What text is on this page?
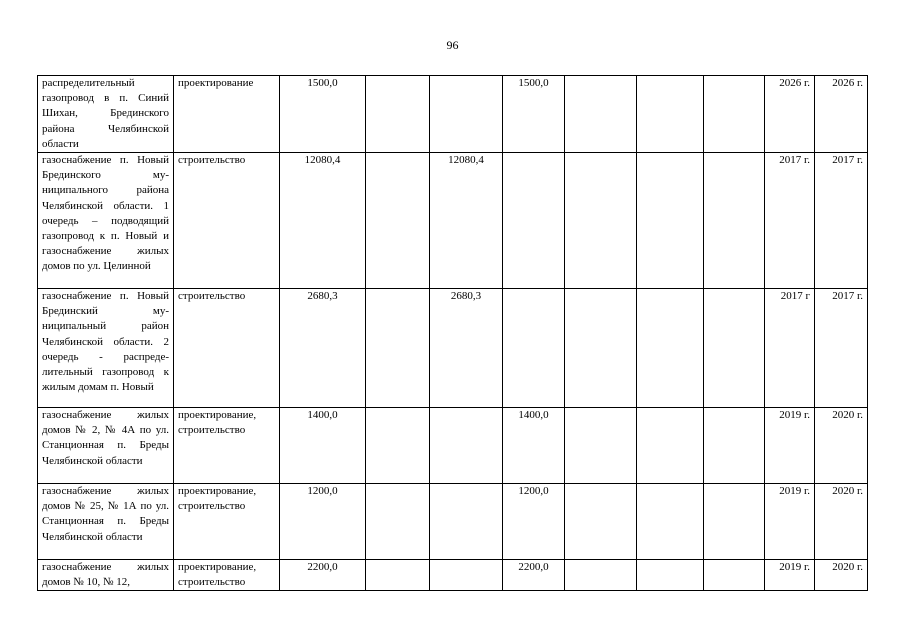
96
распределительный газопровод в п. Синий Шихан, Брединского района Челябинской области	проектирование	1500,0			1500,0				2026 г.	2026 г.
газоснабжение п. Новый Брединского муниципального района Челябинской области. 1 очередь – подводящий газопровод к п. Новый и газоснабжение жилых домов по ул. Целинной	строительство	12080,4		12080,4					2017 г.	2017 г.
газоснабжение п. Новый Брединский муниципальный район Челябинской области. 2 очередь - распределительный газопровод к жилым домам п. Новый	строительство	2680,3		2680,3					2017 г	2017 г.
газоснабжение жилых домов № 2, № 4А по ул. Станционная п. Бреды Челябинской области	проектирование, строительство	1400,0			1400,0				2019 г.	2020 г.
газоснабжение жилых домов № 25, № 1А по ул. Станционная п. Бреды Челябинской области	проектирование, строительство	1200,0			1200,0				2019 г.	2020 г.
газоснабжение жилых домов № 10, № 12,	проектирование, строительство	2200,0			2200,0				2019 г.	2020 г.
